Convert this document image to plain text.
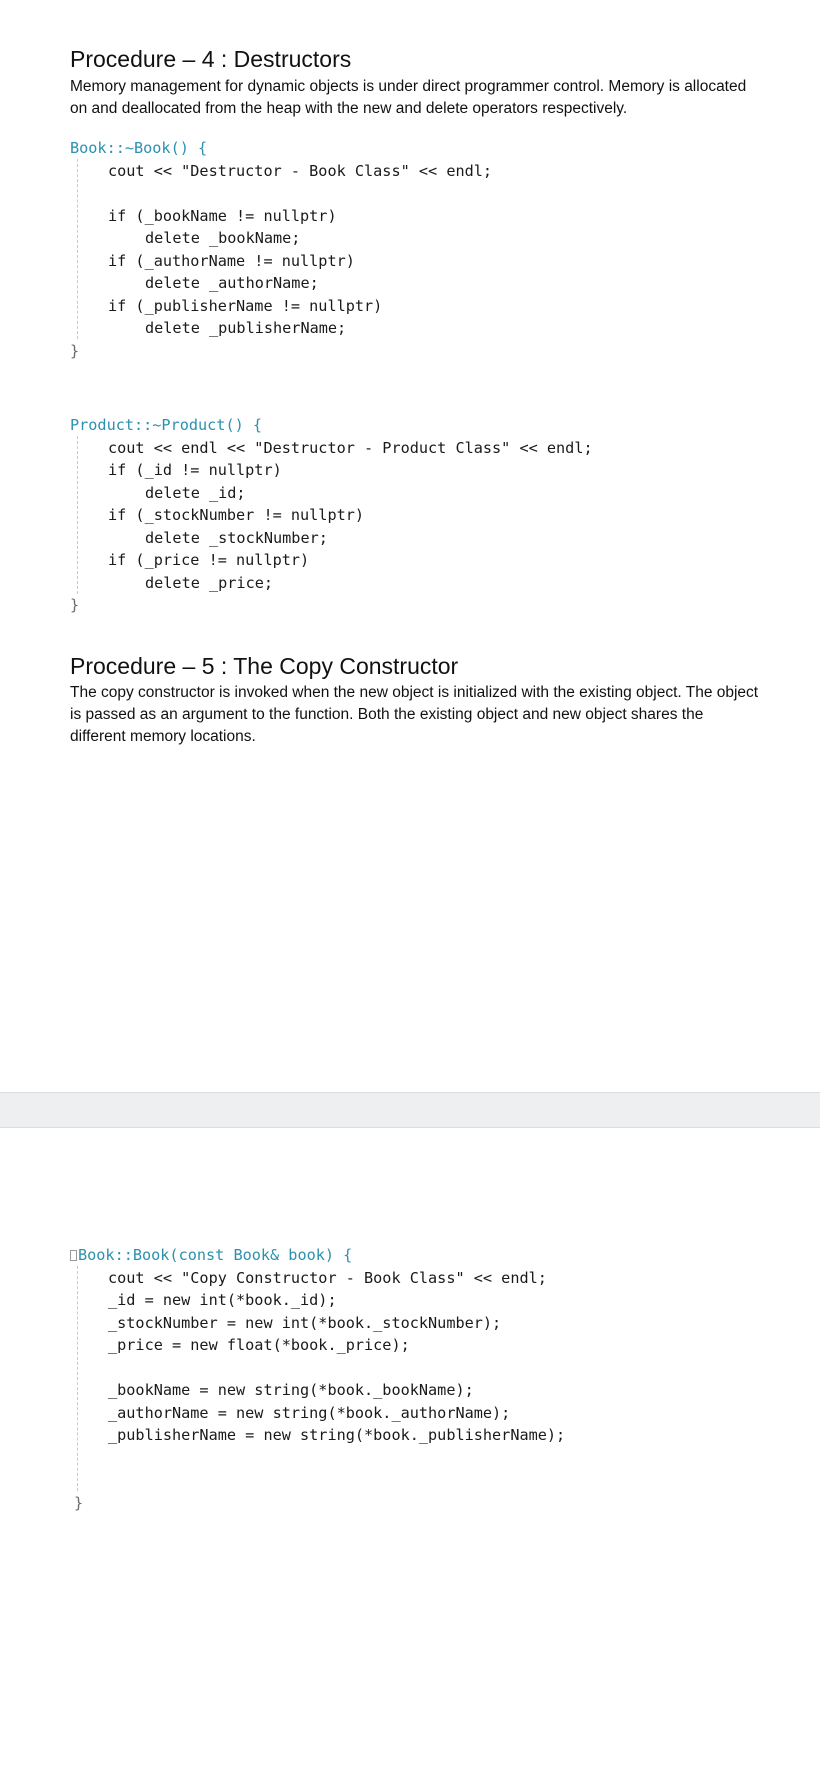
Procedure – 4 : Destructors

Memory management for dynamic objects is under direct programmer control. Memory is allocated on and deallocated from the heap with the new and delete operators respectively.

Book::~Book() {
cout << "Destructor - Book Class" << endl;
if (_bookName != nullptr)
delete _bookName;
if (_authorName != nullptr)
delete _authorName;
if (_publisherName != nullptr)
delete _publisherName;
}
Product::~Product() {
cout << endl << "Destructor - Product Class" << endl;
if (_id != nullptr)
delete _id;
if (_stockNumber != nullptr)
delete _stockNumber;
if (_price != nullptr)
delete _price;
}
Procedure – 5 : The Copy Constructor

The copy constructor is invoked when the new object is initialized with the existing object. The object is passed as an argument to the function. Both the existing object and new object shares the different memory locations.

Book::Book(const Book& book) {
cout << "Copy Constructor - Book Class" << endl;
_id = new int(*book._id);
_stockNumber = new int(*book._stockNumber);
_price = new float(*book._price);
_bookName = new string(*book._bookName);
_authorName = new string(*book._authorName);
_publisherName = new string(*book._publisherName);
}
